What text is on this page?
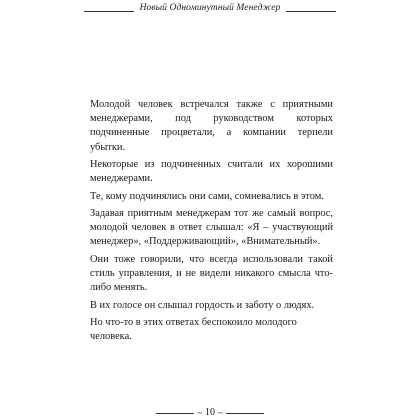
Новый Одноминутный Менеджер

Молодой человек встречался также с приятными менеджерами, под руководством которых подчиненные процветали, а компании терпели убытки.

Некоторые из подчиненных считали их хорошими менеджерами.

Те, кому подчинялись они сами, сомневались в этом.

Задавая приятным менеджерам тот же самый вопрос, молодой человек в ответ слышал: «Я – участвующий менеджер», «Поддерживающий», «Внимательный».

Они тоже говорили, что всегда использовали такой стиль управления, и не видели никакого смысла что-либо менять.

В их голосе он слышал гордость и заботу о людях.

Но что-то в этих ответах беспокоило молодого человека.

~ 10 ~
